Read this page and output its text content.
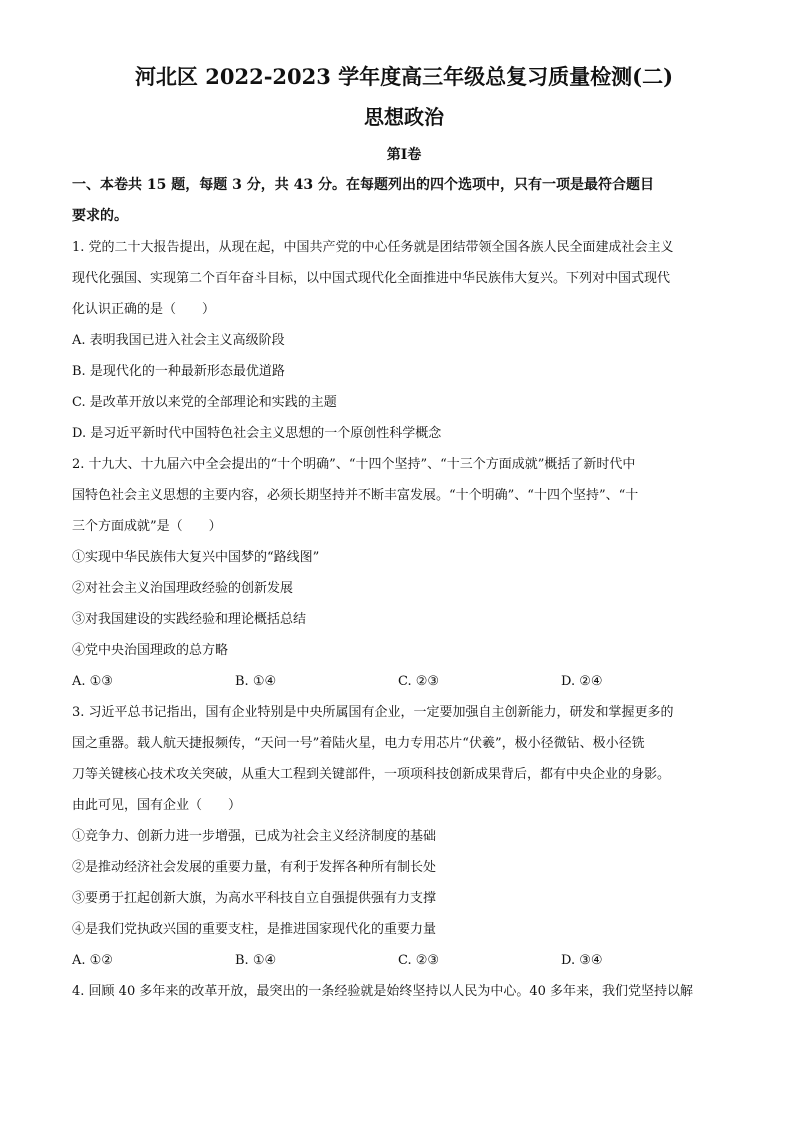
河北区 2022-2023 学年度高三年级总复习质量检测(二)

思想政治

第Ⅰ卷

一、本卷共 15 题，每题 3 分，共 43 分。在每题列出的四个选项中，只有一项是最符合题目

要求的。

1. 党的二十大报告提出，从现在起，中国共产党的中心任务就是团结带领全国各族人民全面建成社会主义

现代化强国、实现第二个百年奋斗目标，以中国式现代化全面推进中华民族伟大复兴。下列对中国式现代

化认识正确的是（　　）

A. 表明我国已进入社会主义高级阶段

B. 是现代化的一种最新形态最优道路

C. 是改革开放以来党的全部理论和实践的主题

D. 是习近平新时代中国特色社会主义思想的一个原创性科学概念

2. 十九大、十九届六中全会提出的“十个明确”、“十四个坚持”、“十三个方面成就”概括了新时代中

国特色社会主义思想的主要内容，必须长期坚持并不断丰富发展。“十个明确”、“十四个坚持”、“十

三个方面成就”是（　　）

①实现中华民族伟大复兴中国梦的“路线图”

②对社会主义治国理政经验的创新发展

③对我国建设的实践经验和理论概括总结

④党中央治国理政的总方略

A. ①③	B. ①④	C. ②③	D. ②④

3. 习近平总书记指出，国有企业特别是中央所属国有企业，一定要加强自主创新能力，研发和掌握更多的

国之重器。载人航天捷报频传，“天问一号”着陆火星，电力专用芯片“伏羲”，极小径微钻、极小径铣

刀等关键核心技术攻关突破，从重大工程到关键部件，一项项科技创新成果背后，都有中央企业的身影。

由此可见，国有企业（　　）

①竞争力、创新力进一步增强，已成为社会主义经济制度的基础

②是推动经济社会发展的重要力量，有利于发挥各种所有制长处

③要勇于扛起创新大旗，为高水平科技自立自强提供强有力支撑

④是我们党执政兴国的重要支柱，是推进国家现代化的重要力量

A. ①②	B. ①④	C. ②③	D. ③④

4. 回顾 40 多年来的改革开放，最突出的一条经验就是始终坚持以人民为中心。40 多年来，我们党坚持以解
